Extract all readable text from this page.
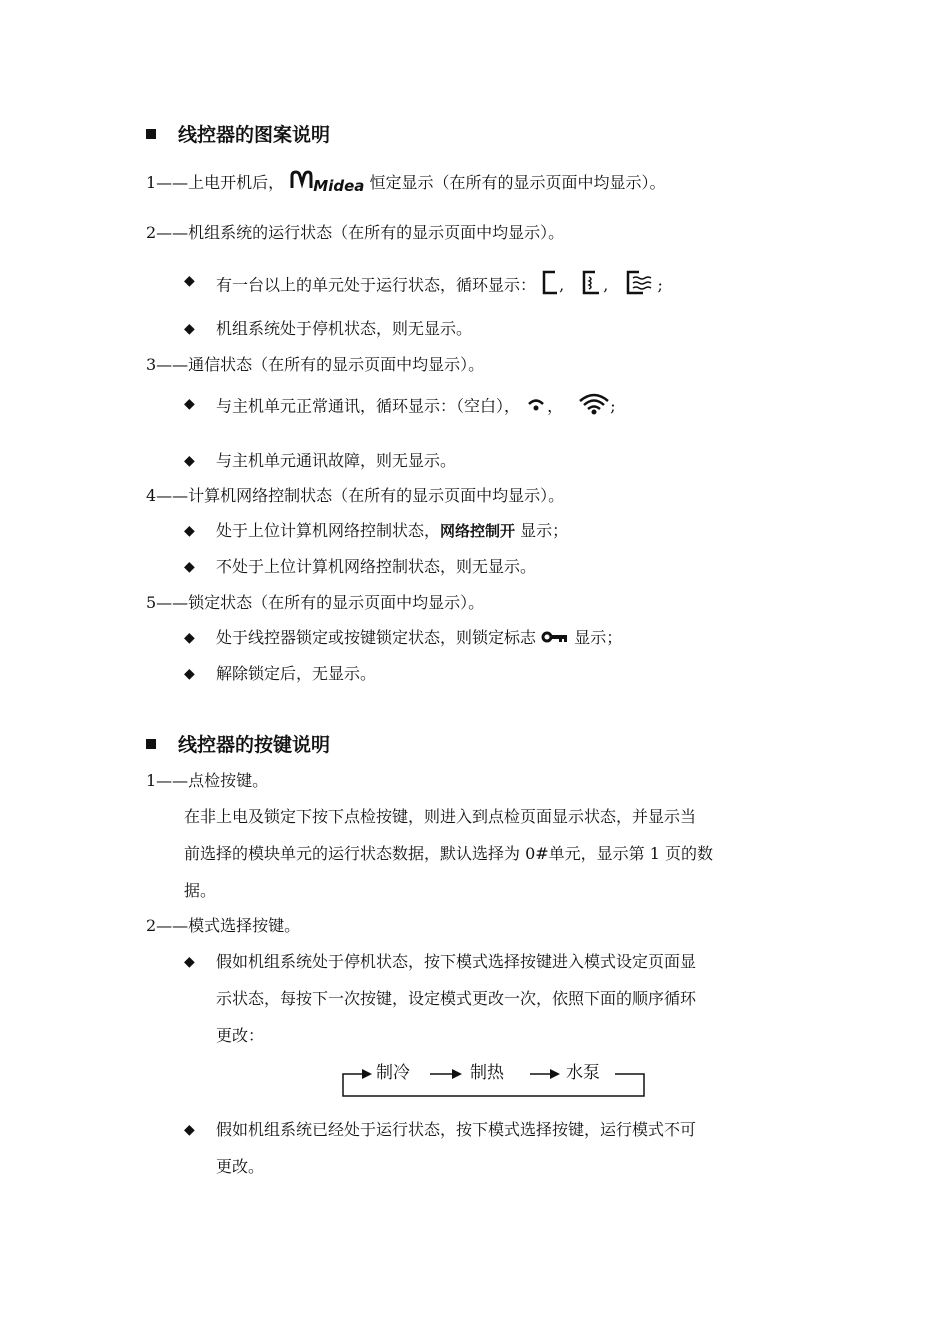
线控器的图案说明
1——上电开机后， Midea 恒定显示（在所有的显示页面中均显示）。
2——机组系统的运行状态（在所有的显示页面中均显示）。
◆ 有一台以上的单元处于运行状态，循环显示： , ,	;
◆ 机组系统处于停机状态，则无显示。
3——通信状态（在所有的显示页面中均显示）。
◆ 与主机单元正常通讯，循环显示：（空白）， ，	;
◆ 与主机单元通讯故障，则无显示。
4——计算机网络控制状态（在所有的显示页面中均显示）。
◆ 处于上位计算机网络控制状态，网络控制开 显示；
◆ 不处于上位计算机网络控制状态，则无显示。
5——锁定状态（在所有的显示页面中均显示）。
◆ 处于线控器锁定或按键锁定状态，则锁定标志 显示；
◆ 解除锁定后，无显示。
线控器的按键说明
1——点检按键。
在非上电及锁定下按下点检按键，则进入到点检页面显示状态，并显示当
前选择的模块单元的运行状态数据，默认选择为 0#单元，显示第 1 页的数
据。
2——模式选择按键。
◆ 假如机组系统处于停机状态，按下模式选择按键进入模式设定页面显
示状态，每按下一次按键，设定模式更改一次，依照下面的顺序循环
更改：
制冷	制热	水泵
◆ 假如机组系统已经处于运行状态，按下模式选择按键，运行模式不可
更改。
